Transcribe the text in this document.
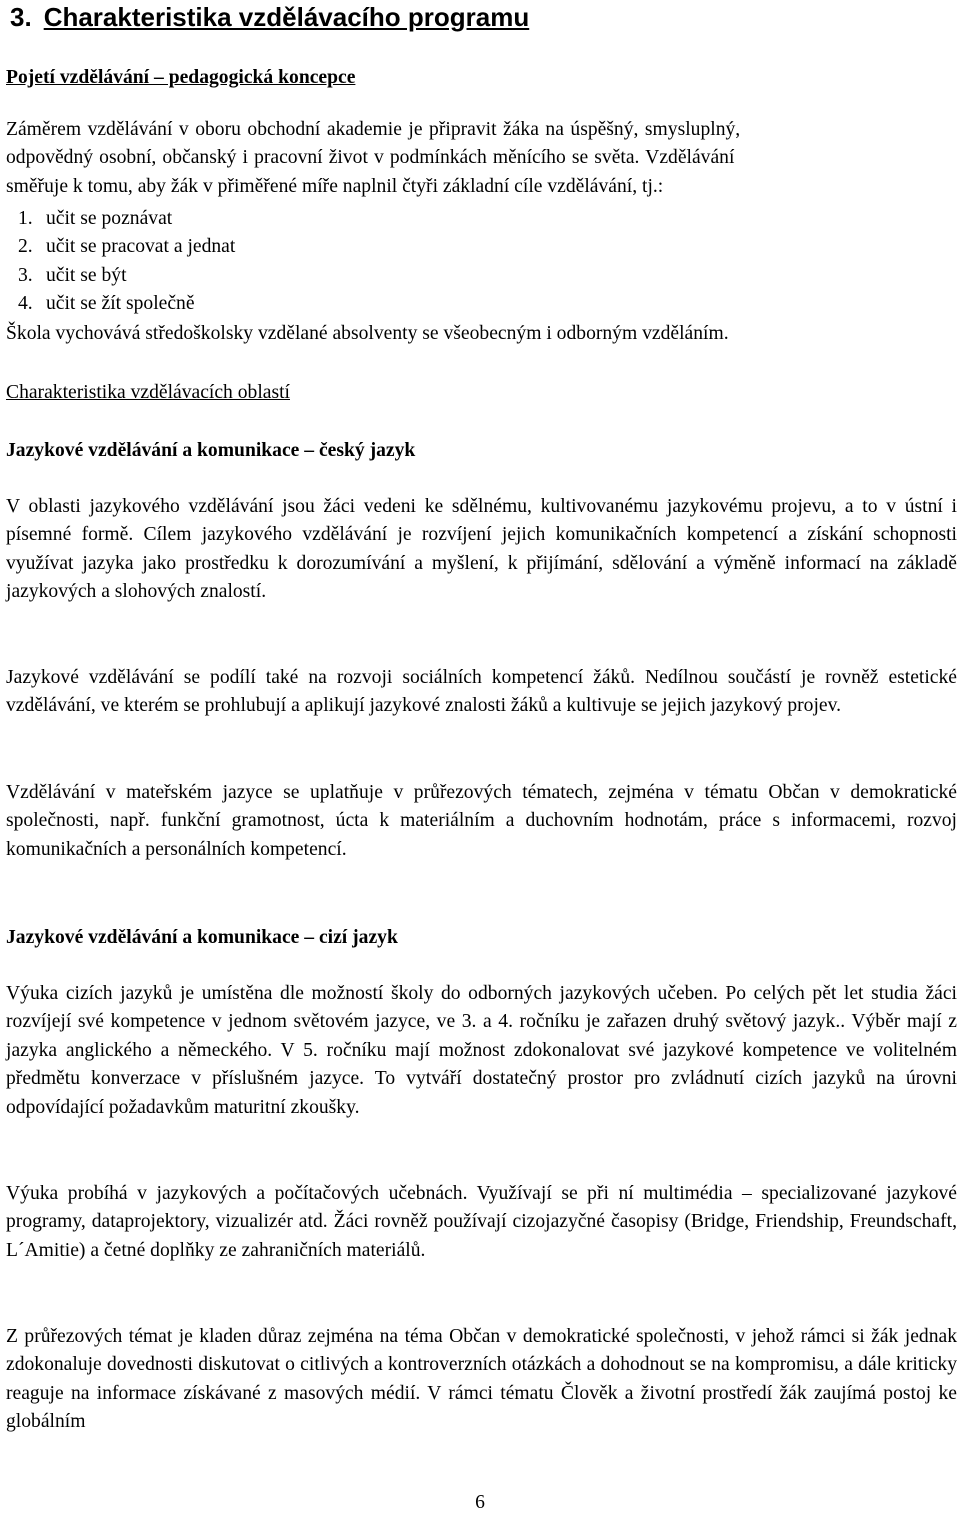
3. Charakteristika vzdělávacího programu

Pojetí vzdělávání – pedagogická koncepce

Záměrem vzdělávání v oboru obchodní akademie je připravit žáka na úspěšný, smysluplný,
odpovědný osobní, občanský i pracovní život v podmínkách měnícího se světa. Vzdělávání
směřuje k tomu, aby žák v přiměřené míře naplnil čtyři základní cíle vzdělávání, tj.:
1. učit se poznávat
2. učit se pracovat a jednat
3. učit se být
4. učit se žít společně

Škola vychovává středoškolsky vzdělané absolventy se všeobecným i odborným vzděláním.

Charakteristika vzdělávacích oblastí

Jazykové vzdělávání a komunikace – český jazyk

V oblasti jazykového vzdělávání jsou žáci vedeni ke sdělnému, kultivovanému jazykovému projevu, a to v ústní i písemné formě. Cílem jazykového vzdělávání je rozvíjení jejich komunikačních kompetencí a získání schopnosti využívat jazyka jako prostředku k dorozumívání a myšlení, k přijímání, sdělování a výměně informací na základě jazykových a slohových znalostí.

Jazykové vzdělávání se podílí také na rozvoji sociálních kompetencí žáků. Nedílnou součástí je rovněž estetické vzdělávání, ve kterém se prohlubují a aplikují jazykové znalosti žáků a kultivuje se jejich jazykový projev.

Vzdělávání v mateřském jazyce se uplatňuje v průřezových tématech, zejména v tématu Občan v demokratické společnosti, např. funkční gramotnost, úcta k materiálním a duchovním hodnotám, práce s informacemi, rozvoj komunikačních a personálních kompetencí.

Jazykové vzdělávání a komunikace – cizí jazyk

Výuka cizích jazyků je umístěna dle možností školy do odborných jazykových učeben. Po celých pět let studia žáci rozvíjejí své kompetence v jednom světovém jazyce, ve 3. a 4. ročníku je zařazen druhý světový jazyk.. Výběr mají z jazyka anglického a německého. V 5. ročníku mají možnost zdokonalovat své jazykové kompetence ve volitelném předmětu konverzace v příslušném jazyce. To vytváří dostatečný prostor pro zvládnutí cizích jazyků na úrovni odpovídající požadavkům maturitní zkoušky.

Výuka probíhá v jazykových a počítačových učebnách. Využívají se při ní multimédia – specializované jazykové programy, dataprojektory, vizualizér atd. Žáci rovněž používají cizojazyčné časopisy (Bridge, Friendship, Freundschaft, L´Amitie) a četné doplňky ze zahraničních materiálů.

Z průřezových témat je kladen důraz zejména na téma Občan v demokratické společnosti, v jehož rámci si žák jednak zdokonaluje dovednosti diskutovat o citlivých a kontroverzních otázkách a dohodnout se na kompromisu, a dále kriticky reaguje na informace získávané z masových médií. V rámci tématu Člověk a životní prostředí žák zaujímá postoj ke globálním

6
